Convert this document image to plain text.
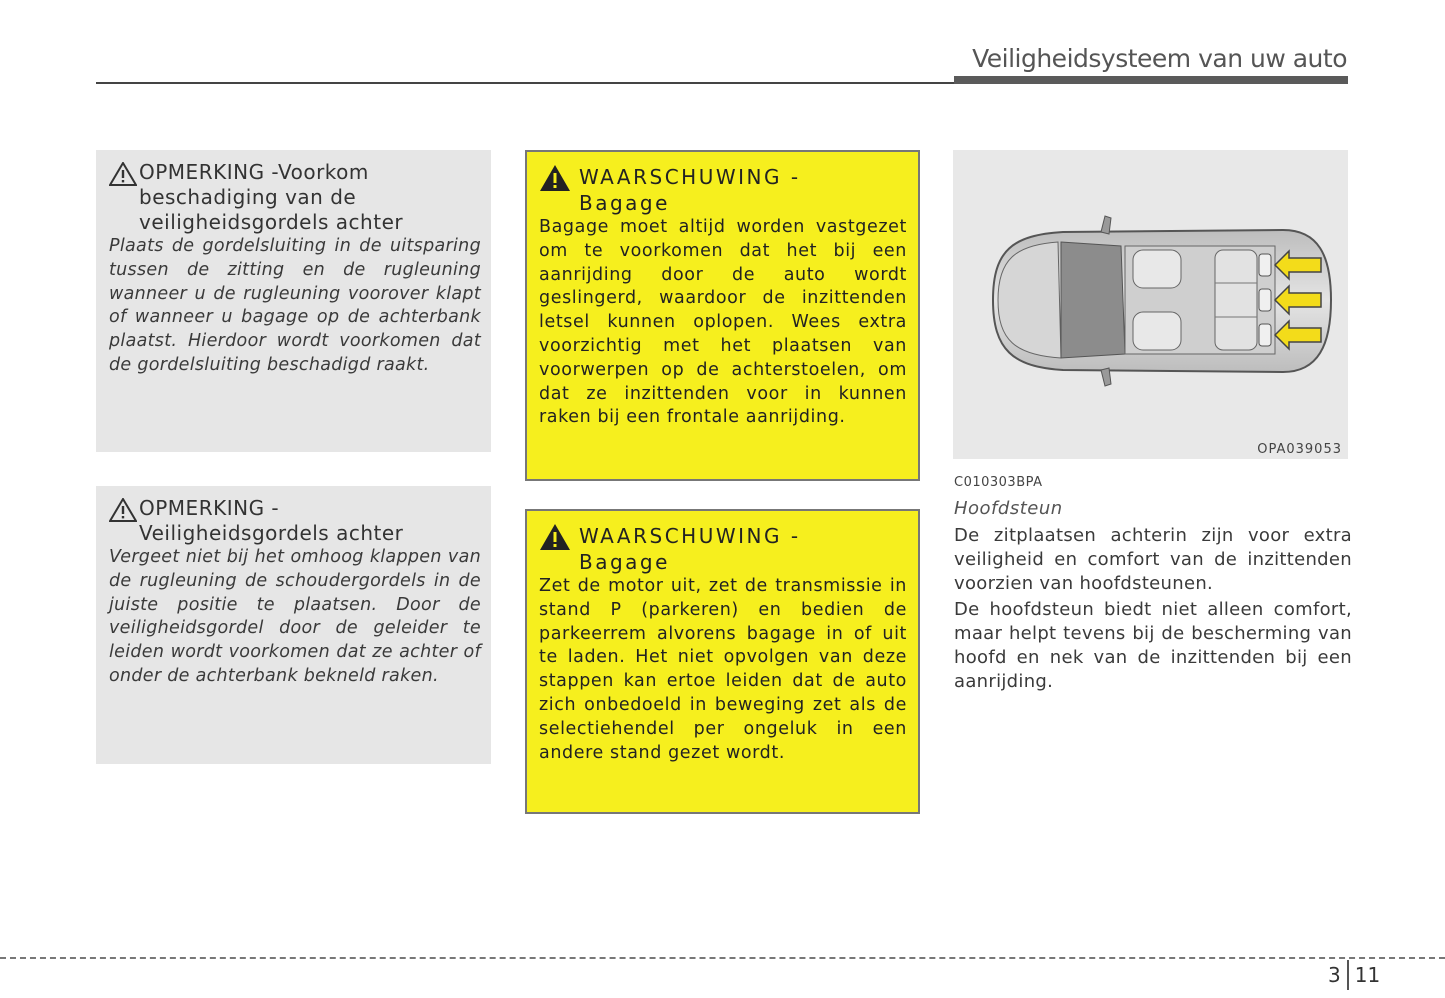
Veiligheidsysteem van uw auto
OPMERKING -Voorkom
beschadiging van de
veiligheidsgordels achter
Plaats de gordelsluiting in de uitsparing tussen de zitting en de rugleuning wanneer u de rugleuning voorover klapt of wanneer u bagage op de achterbank plaatst. Hierdoor wordt voorkomen dat de gordelsluiting beschadigd raakt.
OPMERKING -
Veiligheidsgordels achter
Vergeet niet bij het omhoog klappen van de rugleuning de schoudergordels in de juiste positie te plaatsen. Door de veiligheidsgordel door de geleider te leiden wordt voorkomen dat ze achter of onder de achterbank bekneld raken.
WAARSCHUWING -
Bagage
Bagage moet altijd worden vastgezet om te voorkomen dat het bij een aanrijding door de auto wordt geslingerd, waardoor de inzittenden letsel kunnen oplopen. Wees extra voorzichtig met het plaatsen van voorwerpen op de achterstoelen, om dat ze inzittenden voor in kunnen raken bij een frontale aanrijding.
WAARSCHUWING -
Bagage
Zet de motor uit, zet de transmissie in stand P (parkeren) en bedien de parkeerrem alvorens bagage in of uit te laden. Het niet opvolgen van deze stappen kan ertoe leiden dat de auto zich onbedoeld in beweging zet als de selectiehendel per ongeluk in een andere stand gezet wordt.
OPA039053
C010303BPA
Hoofdsteun

De zitplaatsen achterin zijn voor extra veiligheid en comfort van de inzittenden voorzien van hoofdsteunen.

De hoofdsteun biedt niet alleen comfort, maar helpt tevens bij de bescherming van hoofd en nek van de inzittenden bij een aanrijding.

3 11
